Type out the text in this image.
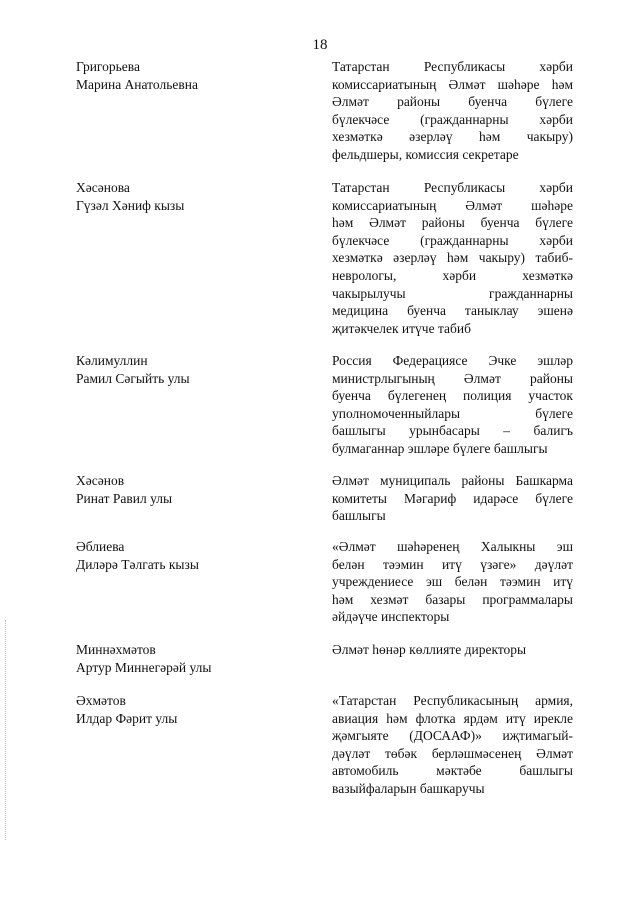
18
Григорьева
Марина Анатольевна
Татарстан Республикасы хәрби
комиссариатының Әлмәт шәһәре һәм
Әлмәт районы буенча бүлеге
бүлекчәсе (гражданнарны хәрби
хезмәткә әзерләү һәм чакыру)
фельдшеры, комиссия секретаре
Хәсәнова
Гүзәл Хәниф кызы
Татарстан Республикасы хәрби
комиссариатының Әлмәт шәһәре
һәм Әлмәт районы буенча бүлеге
бүлекчәсе (гражданнарны хәрби
хезмәткә әзерләү һәм чакыру) табиб-
неврологы, хәрби хезмәткә
чакырылучы гражданнарны
медицина буенча таныклау эшенә
җитәкчелек итүче табиб
Кәлимуллин
Рамил Сәгыйть улы
Россия Федерациясе Эчке эшләр
министрлыгының Әлмәт районы
буенча бүлегенең полиция участок
уполномоченныйлары бүлеге
башлыгы урынбасары – балигъ
булмаганнар эшләре бүлеге башлыгы
Хәсәнов
Ринат Равил улы
Әлмәт муниципаль районы Башкарма
комитеты Мәгариф идарәсе бүлеге
башлыгы
Әблиева
Диләрә Тәлгать кызы
«Әлмәт шәһәренең Халыкны эш
белән тәэмин итү үзәге» дәүләт
учреждениесе эш белән тәэмин итү
һәм хезмәт базары программалары
әйдәүче инспекторы
Миннәхмәтов
Артур Миннегәрәй улы
Әлмәт һөнәр көллияте директоры
Әхмәтов
Илдар Фәрит улы
«Татарстан Республикасының армия,
авиация һәм флотка ярдәм итү ирекле
җәмгыяте (ДОСААФ)» иҗтимагый-
дәүләт төбәк берләшмәсенең Әлмәт
автомобиль мәктәбе башлыгы
вазыйфаларын башкаручы
